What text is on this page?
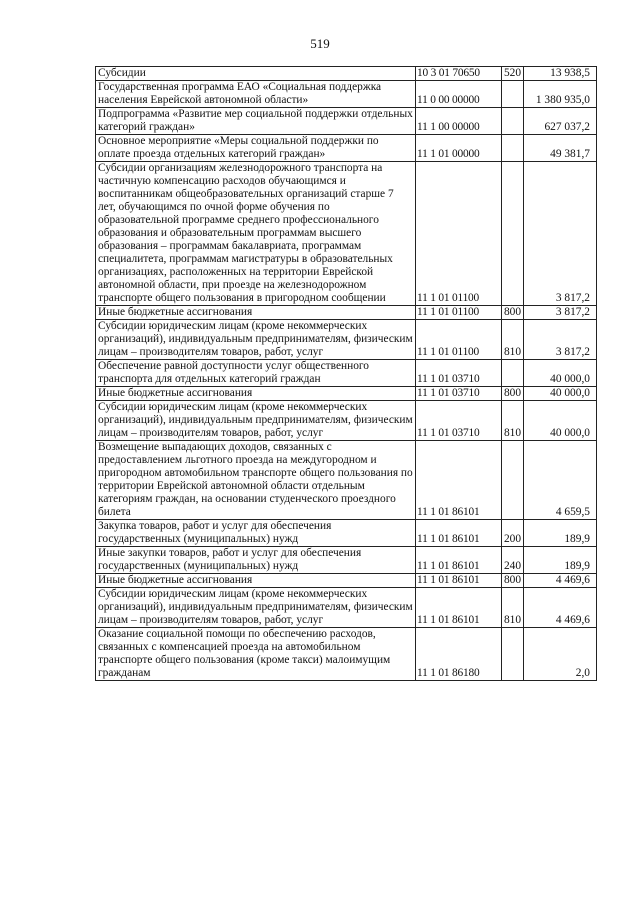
519
Субсидии	10 3 01 70650	520	13 938,5
Государственная программа ЕАО «Социальная поддержка населения Еврейской автономной области»	11 0 00 00000		1 380 935,0
Подпрограмма «Развитие мер социальной поддержки отдельных категорий граждан»	11 1 00 00000		627 037,2
Основное мероприятие «Меры социальной поддержки по оплате проезда отдельных категорий граждан»	11 1 01 00000		49 381,7
Субсидии организациям железнодорожного транспорта на частичную компенсацию расходов обучающимся и воспитанникам общеобразовательных организаций старше 7 лет, обучающимся по очной форме обучения по образовательной программе среднего профессионального образования и образовательным программам высшего образования – программам бакалавриата, программам специалитета, программам магистратуры в образовательных организациях, расположенных на территории Еврейской автономной области, при проезде на железнодорожном транспорте общего пользования в пригородном сообщении	11 1 01 01100		3 817,2
Иные бюджетные ассигнования	11 1 01 01100	800	3 817,2
Субсидии юридическим лицам (кроме некоммерческих организаций), индивидуальным предпринимателям, физическим лицам – производителям товаров, работ, услуг	11 1 01 01100	810	3 817,2
Обеспечение равной доступности услуг общественного транспорта для отдельных категорий граждан	11 1 01 03710		40 000,0
Иные бюджетные ассигнования	11 1 01 03710	800	40 000,0
Субсидии юридическим лицам (кроме некоммерческих организаций), индивидуальным предпринимателям, физическим лицам – производителям товаров, работ, услуг	11 1 01 03710	810	40 000,0
Возмещение выпадающих доходов, связанных с предоставлением льготного проезда на междугородном и пригородном автомобильном транспорте общего пользования по территории Еврейской автономной области отдельным категориям граждан, на основании студенческого проездного билета	11 1 01 86101		4 659,5
Закупка товаров, работ и услуг для обеспечения государственных (муниципальных) нужд	11 1 01 86101	200	189,9
Иные закупки товаров, работ и услуг для обеспечения государственных (муниципальных) нужд	11 1 01 86101	240	189,9
Иные бюджетные ассигнования	11 1 01 86101	800	4 469,6
Субсидии юридическим лицам (кроме некоммерческих организаций), индивидуальным предпринимателям, физическим лицам – производителям товаров, работ, услуг	11 1 01 86101	810	4 469,6
Оказание социальной помощи по обеспечению расходов, связанных с компенсацией проезда на автомобильном транспорте общего пользования (кроме такси) малоимущим гражданам	11 1 01 86180		2,0
